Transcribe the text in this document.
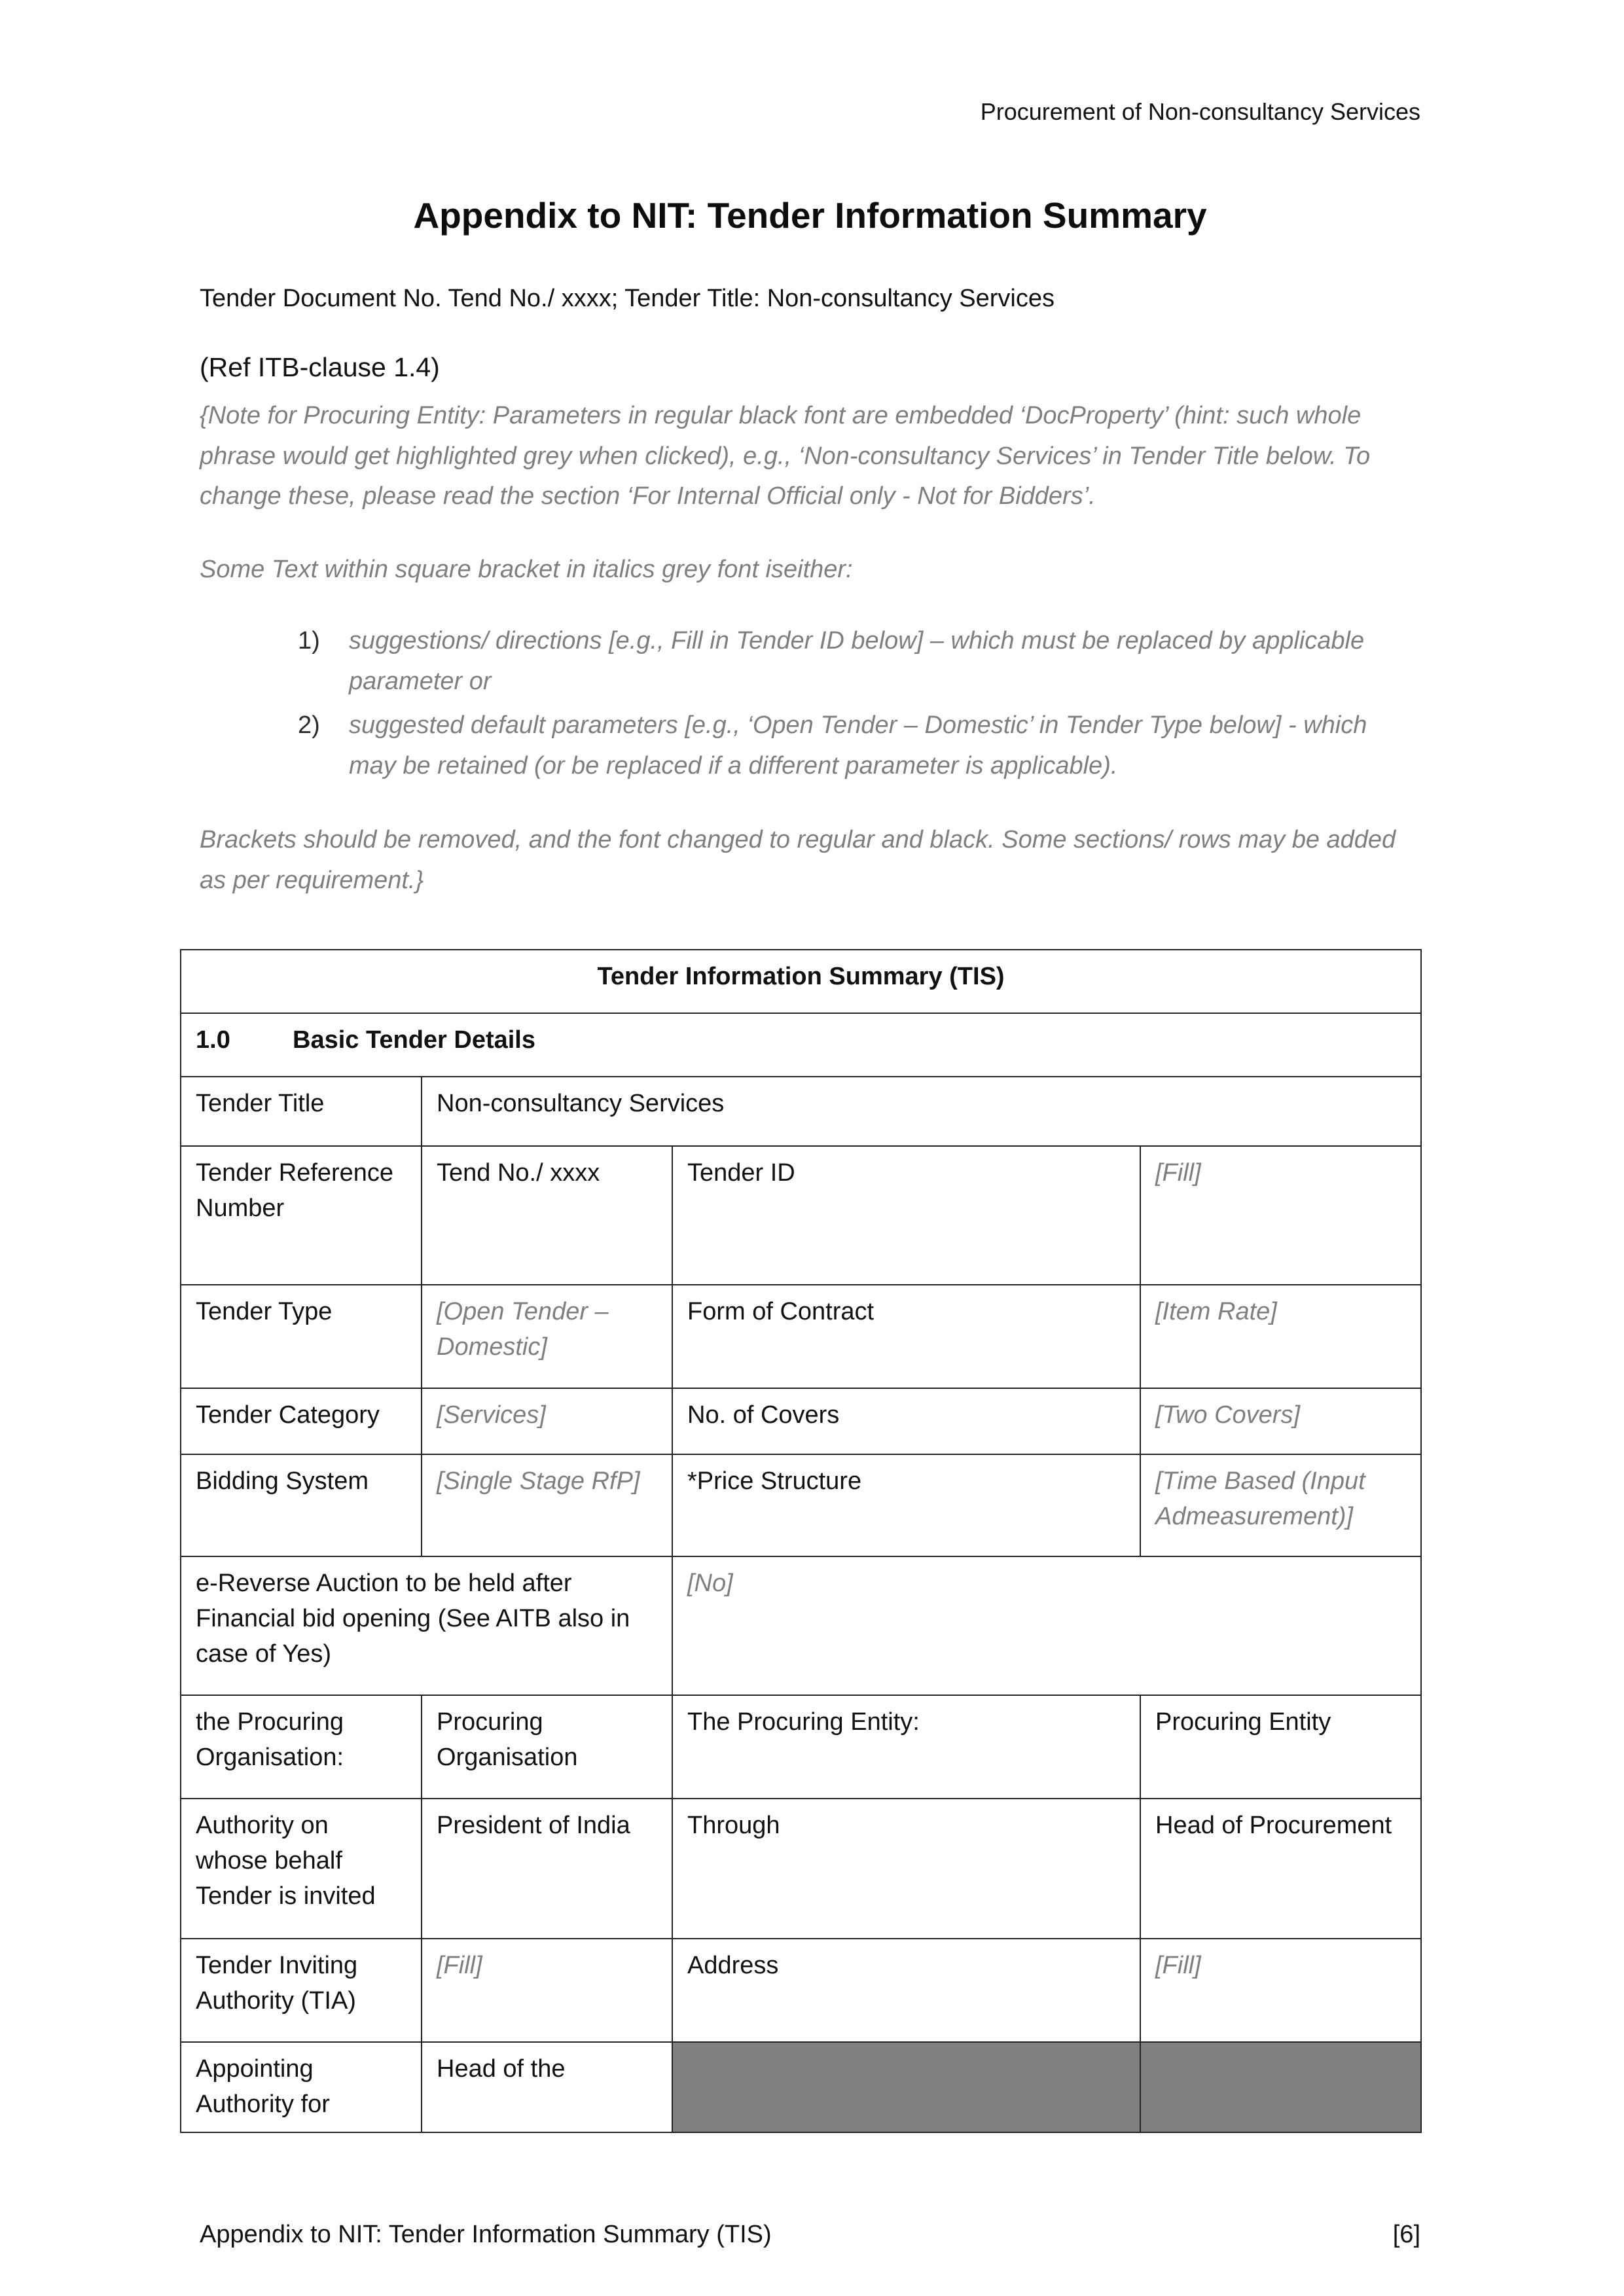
Procurement of Non-consultancy Services
Appendix to NIT: Tender Information Summary
Tender Document No. Tend No./ xxxx; Tender Title: Non-consultancy Services
(Ref ITB-clause 1.4)
{Note for Procuring Entity: Parameters in regular black font are embedded ‘DocProperty’ (hint: such whole phrase would get highlighted grey when clicked), e.g., ‘Non-consultancy Services’ in Tender Title below. To change these, please read the section ‘For Internal Official only - Not for Bidders’.
Some Text within square bracket in italics grey font iseither:
1)	suggestions/ directions [e.g., Fill in Tender ID below] – which must be replaced by applicable parameter or
2)	suggested default parameters [e.g., ‘Open Tender – Domestic’ in Tender Type below] - which may be retained (or be replaced if a different parameter is applicable).
Brackets should be removed, and the font changed to regular and black. Some sections/ rows may be added as per requirement.}
Tender Information Summary (TIS)			
1.0 Basic Tender Details			
Tender Title	Non-consultancy Services		
Tender Reference Number	Tend No./ xxxx	Tender ID	[Fill]
Tender Type	[Open Tender – Domestic]	Form of Contract	[Item Rate]
Tender Category	[Services]	No. of Covers	[Two Covers]
Bidding System	[Single Stage RfP]	*Price Structure	[Time Based (Input Admeasurement)]
e-Reverse Auction to be held after Financial bid opening (See AITB also in case of Yes)		[No]	
the Procuring Organisation:	Procuring Organisation	The Procuring Entity:	Procuring Entity
Authority on whose behalf Tender is invited	President of India	Through	Head of Procurement
Tender Inviting Authority (TIA)	[Fill]	Address	[Fill]
Appointing Authority for	Head of the		
Appendix to NIT: Tender Information Summary (TIS)	[6]
